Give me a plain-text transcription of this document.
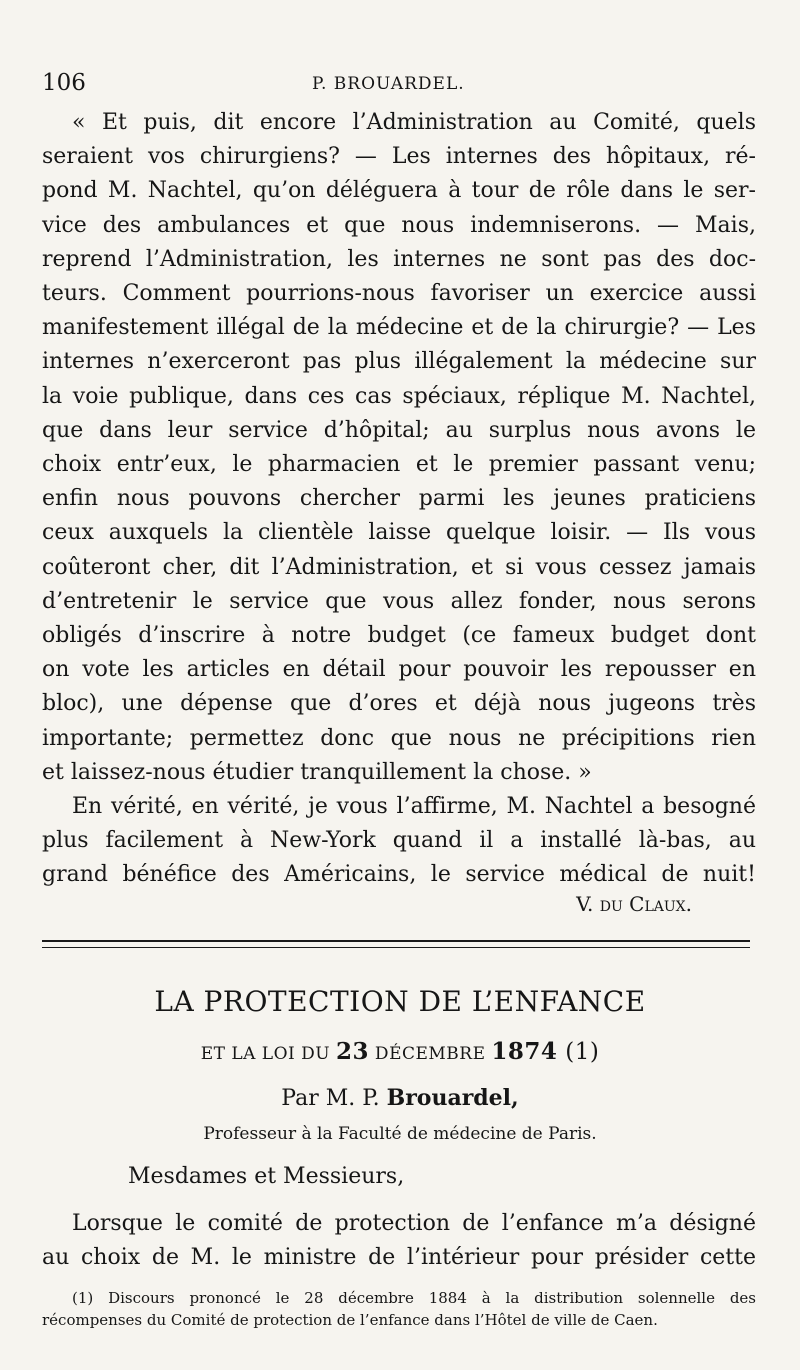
106	P. BROUARDEL.
« Et puis, dit encore l’Administration au Comité, quels
seraient vos chirurgiens? — Les internes des hôpitaux, ré-
pond M. Nachtel, qu’on déléguera à tour de rôle dans le ser-
vice des ambulances et que nous indemniserons. — Mais,
reprend l’Administration, les internes ne sont pas des doc-
teurs. Comment pourrions-nous favoriser un exercice aussi
manifestement illégal de la médecine et de la chirurgie? — Les
internes n’exerceront pas plus illégalement la médecine sur
la voie publique, dans ces cas spéciaux, réplique M. Nachtel,
que dans leur service d’hôpital; au surplus nous avons le
choix entr’eux, le pharmacien et le premier passant venu;
enfin nous pouvons chercher parmi les jeunes praticiens
ceux auxquels la clientèle laisse quelque loisir. — Ils vous
coûteront cher, dit l’Administration, et si vous cessez jamais
d’entretenir le service que vous allez fonder, nous serons
obligés d’inscrire à notre budget (ce fameux budget dont
on vote les articles en détail pour pouvoir les repousser en
bloc), une dépense que d’ores et déjà nous jugeons très
importante; permettez donc que nous ne précipitions rien
et laissez-nous étudier tranquillement la chose. »
En vérité, en vérité, je vous l’affirme, M. Nachtel a besogné
plus facilement à New-York quand il a installé là-bas, au
grand bénéfice des Américains, le service médical de nuit!
V. du Claux.
LA PROTECTION DE L’ENFANCE
ET LA LOI DU 23 DÉCEMBRE 1874 (1)
Par M. P. Brouardel,
Professeur à la Faculté de médecine de Paris.
Mesdames et Messieurs,
Lorsque le comité de protection de l’enfance m’a désigné
au choix de M. le ministre de l’intérieur pour présider cette
(1) Discours prononcé le 28 décembre 1884 à la distribution solennelle des
récompenses du Comité de protection de l’enfance dans l’Hôtel de ville de Caen.
